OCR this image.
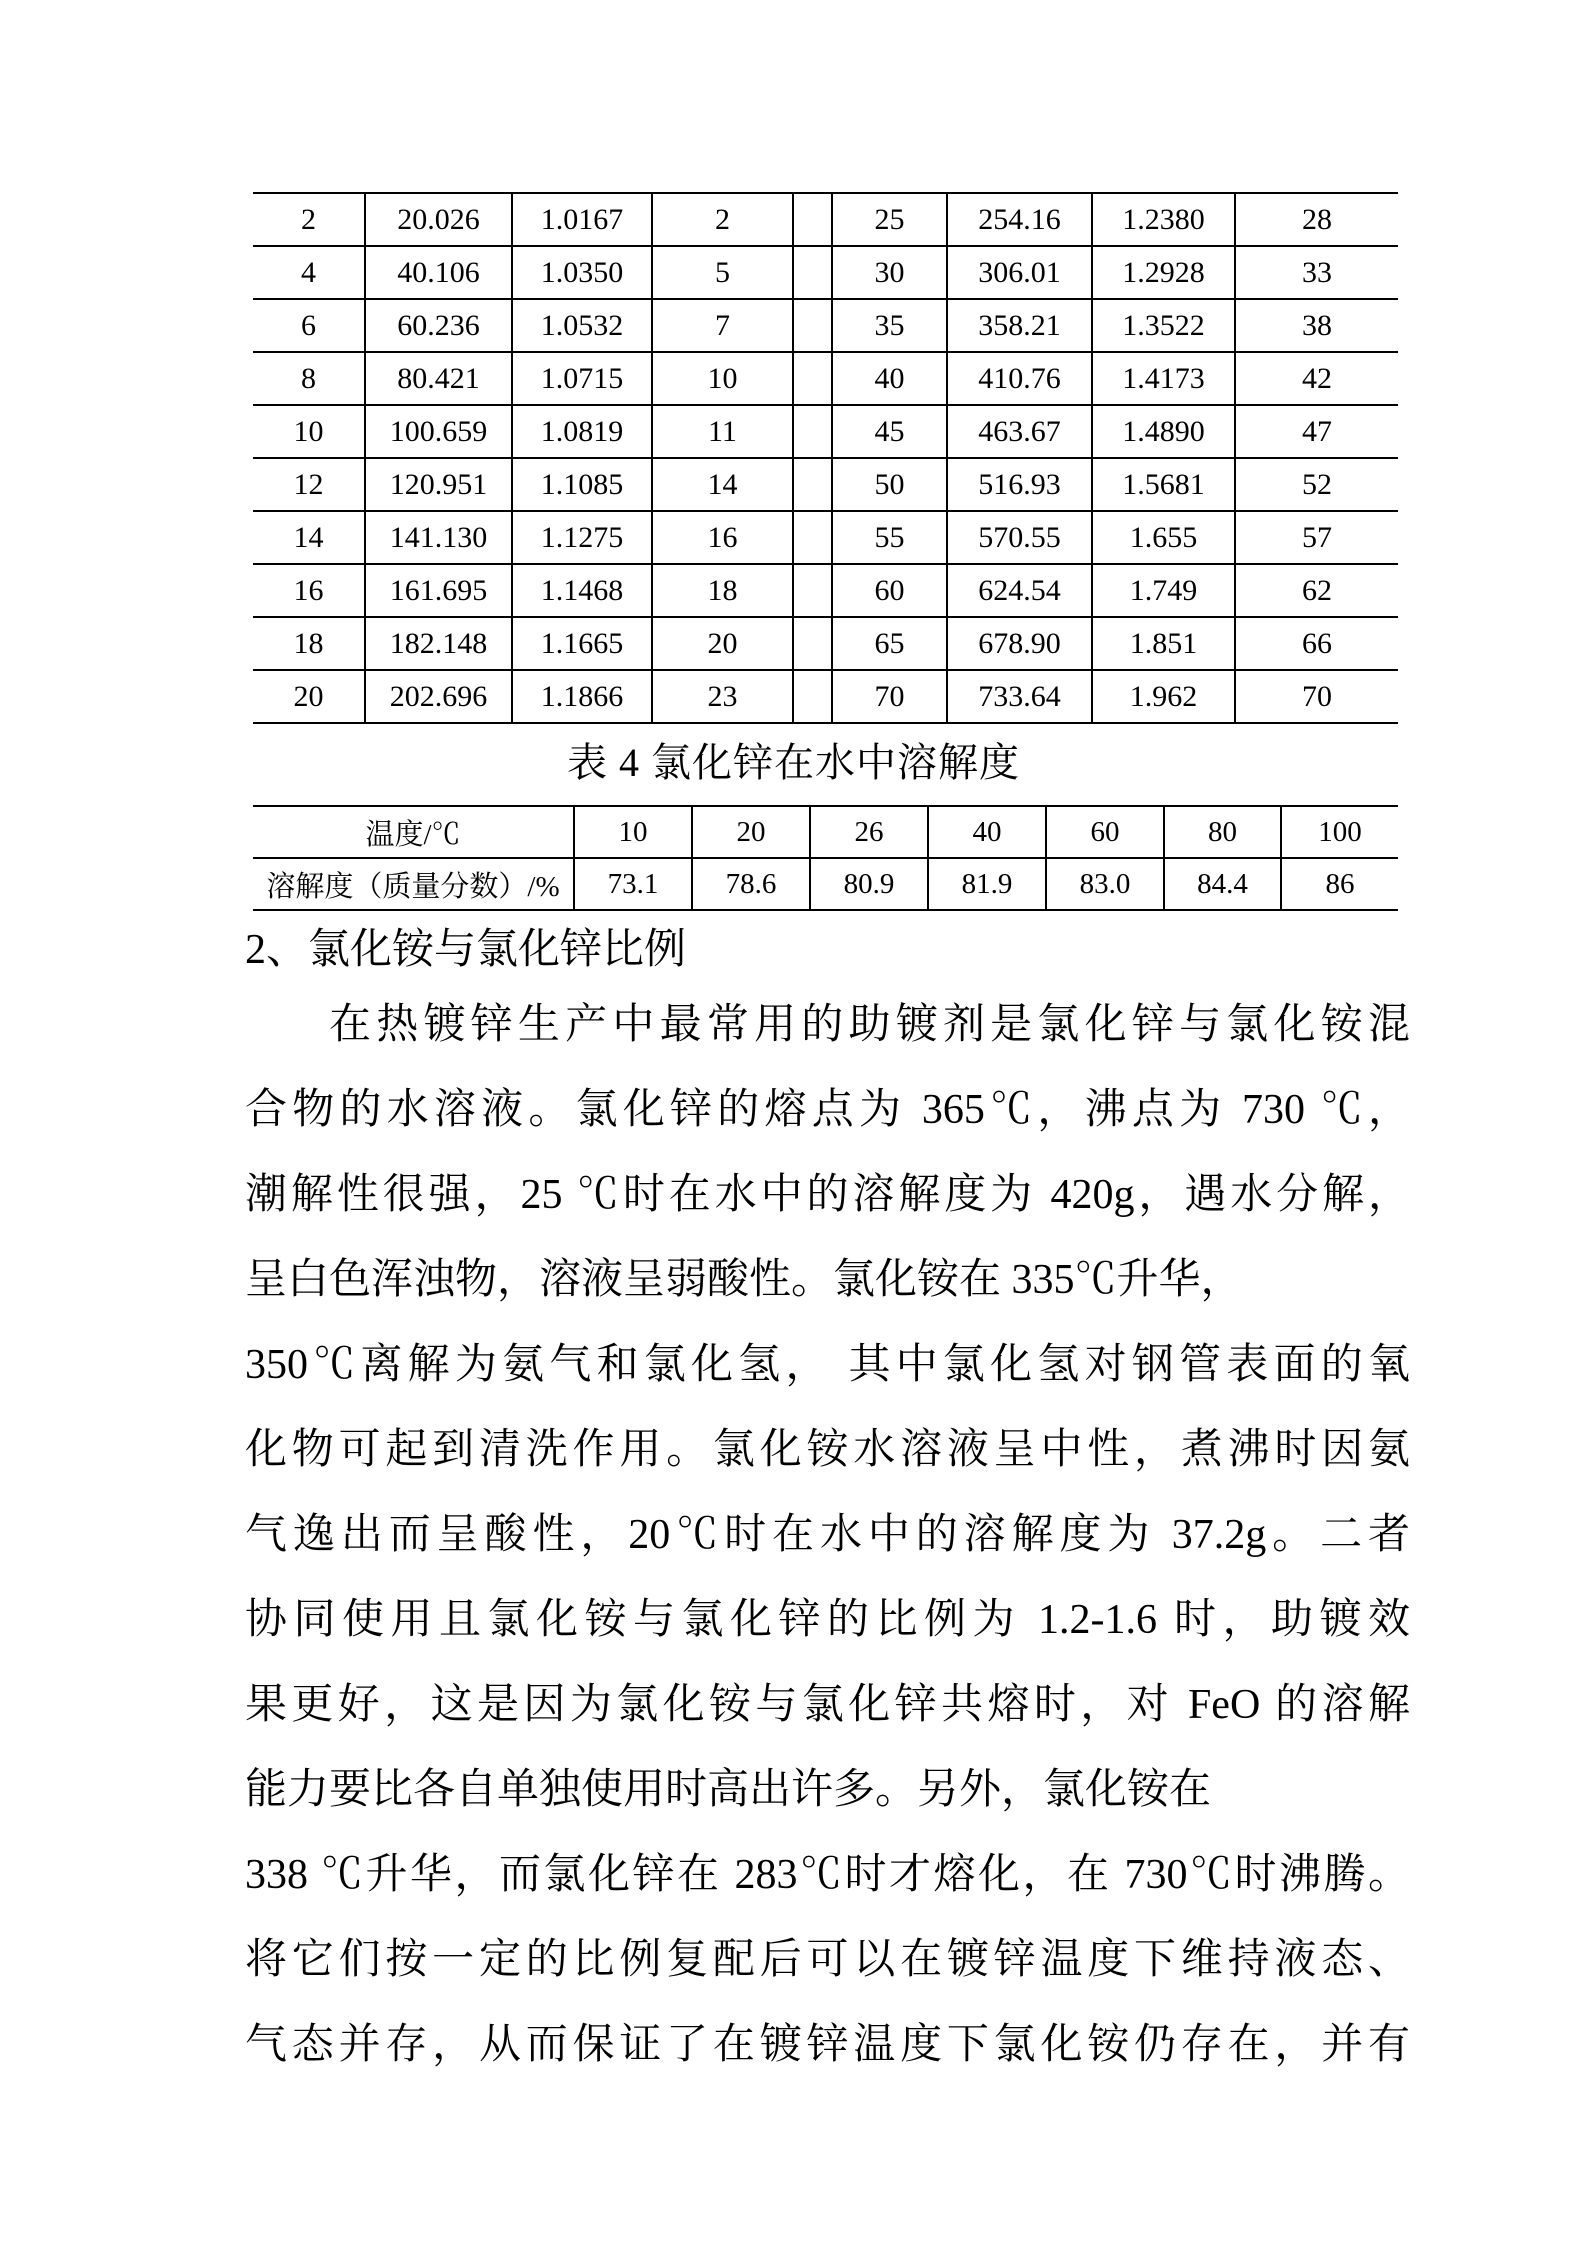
2	20.026	1.0167	2		25	254.16	1.2380	28
4	40.106	1.0350	5		30	306.01	1.2928	33
6	60.236	1.0532	7		35	358.21	1.3522	38
8	80.421	1.0715	10		40	410.76	1.4173	42
10	100.659	1.0819	11		45	463.67	1.4890	47
12	120.951	1.1085	14		50	516.93	1.5681	52
14	141.130	1.1275	16		55	570.55	1.655	57
16	161.695	1.1468	18		60	624.54	1.749	62
18	182.148	1.1665	20		65	678.90	1.851	66
20	202.696	1.1866	23		70	733.64	1.962	70
表 4 氯化锌在水中溶解度
温度/℃	10	20	26	40	60	80	100
溶解度（质量分数）/%	73.1	78.6	80.9	81.9	83.0	84.4	86
2、氯化铵与氯化锌比例
在热镀锌生产中最常用的助镀剂是氯化锌与氯化铵混
合物的水溶液。氯化锌的熔点为 365℃，沸点为 730 ℃，
潮解性很强，25 ℃时在水中的溶解度为 420g，遇水分解，
呈白色浑浊物，溶液呈弱酸性。氯化铵在 335℃升华，
350℃离解为氨气和氯化氢， 其中氯化氢对钢管表面的氧
化物可起到清洗作用。氯化铵水溶液呈中性，煮沸时因氨
气逸出而呈酸性，20℃时在水中的溶解度为 37.2g。二者
协同使用且氯化铵与氯化锌的比例为 1.2-1.6 时，助镀效
果更好，这是因为氯化铵与氯化锌共熔时，对 FeO 的溶解
能力要比各自单独使用时高出许多。另外，氯化铵在
338 ℃升华，而氯化锌在 283℃时才熔化，在 730℃时沸腾。
将它们按一定的比例复配后可以在镀锌温度下维持液态、
气态并存，从而保证了在镀锌温度下氯化铵仍存在，并有
